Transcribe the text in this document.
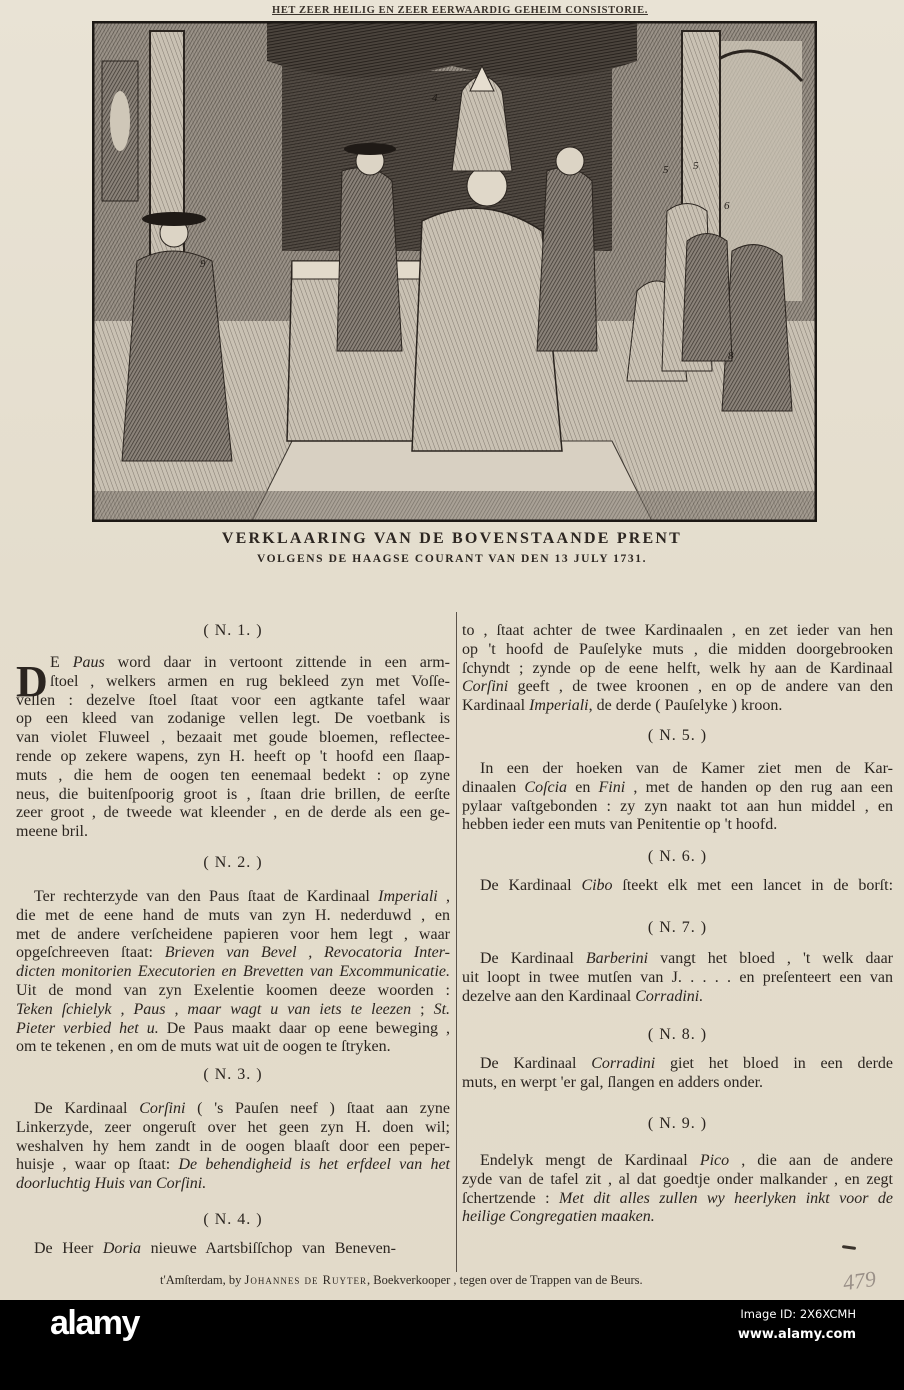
HET ZEER HEILIG EN ZEER EERWAARDIG GEHEIM CONSISTORIE.
4
5 5
6
9
8
VERKLAARING VAN DE BOVENSTAANDE PRENT
VOLGENS DE HAAGSE COURANT VAN DEN 13 JULY 1731.
( N. 1. )
D E Paus word daar in vertoont zittende in een arm-
ſtoel , welkers armen en rug bekleed zyn met Voſſe-
vellen : dezelve ſtoel ſtaat voor een agtkante tafel waar
op een kleed van zodanige vellen legt. De voetbank is
van violet Fluweel , bezaait met goude bloemen, reflectee-
rende op zekere wapens, zyn H. heeft op 't hoofd een ſlaap-
muts , die hem de oogen ten eenemaal bedekt : op zyne
neus, die buitenſpoorig groot is , ſtaan drie brillen, de eerſte
zeer groot , de tweede wat kleender , en de derde als een ge-
meene bril.
( N. 2. )
Ter rechterzyde van den Paus ſtaat de Kardinaal Imperiali ,
die met de eene hand de muts van zyn H. nederduwd , en
met de andere verſcheidene papieren voor hem legt , waar
opgeſchreeven ſtaat: Brieven van Bevel , Revocatoria Inter-
dicten monitorien Executorien en Brevetten van Excommunicatie.
Uit de mond van zyn Exelentie koomen deeze woorden :
Teken ſchielyk , Paus , maar wagt u van iets te leezen ; St.
Pieter verbied het u. De Paus maakt daar op eene beweging ,
om te tekenen , en om de muts wat uit de oogen te ſtryken.
( N. 3. )
De Kardinaal Corſini ( 's Pauſen neef ) ſtaat aan zyne
Linkerzyde, zeer ongeruſt over het geen zyn H. doen wil;
weshalven hy hem zandt in de oogen blaaſt door een peper-
huisje , waar op ſtaat: De behendigheid is het erfdeel van het
doorluchtig Huis van Corſini.
( N. 4. )
De Heer Doria nieuwe Aartsbiſſchop van Beneven-
to , ſtaat achter de twee Kardinaalen , en zet ieder van hen
op 't hoofd de Pauſelyke muts , die midden doorgebrooken
ſchyndt ; zynde op de eene helft, welk hy aan de Kardinaal
Corſini geeft , de twee kroonen , en op de andere van den
Kardinaal Imperiali, de derde ( Pauſelyke ) kroon.
( N. 5. )
In een der hoeken van de Kamer ziet men de Kar-
dinaalen Coſcia en Fini , met de handen op den rug aan een
pylaar vaſtgebonden : zy zyn naakt tot aan hun middel , en
hebben ieder een muts van Penitentie op 't hoofd.
( N. 6. )
De Kardinaal Cibo ſteekt elk met een lancet in de borſt:
( N. 7. )
De Kardinaal Barberini vangt het bloed , 't welk daar
uit loopt in twee mutſen van J. . . . . en preſenteert een van
dezelve aan den Kardinaal Corradini.
( N. 8. )
De Kardinaal Corradini giet het bloed in een derde
muts, en werpt 'er gal, ſlangen en adders onder.
( N. 9. )
Endelyk mengt de Kardinaal Pico , die aan de andere
zyde van de tafel zit , al dat goedtje onder malkander , en zegt
ſchertzende : Met dit alles zullen wy heerlyken inkt voor de
heilige Congregatien maaken.
t'Amſterdam, by Johannes de Ruyter, Boekverkooper , tegen over de Trappen van de Beurs.	479
alamy	Image ID: 2X6XCMH
www.alamy.com
